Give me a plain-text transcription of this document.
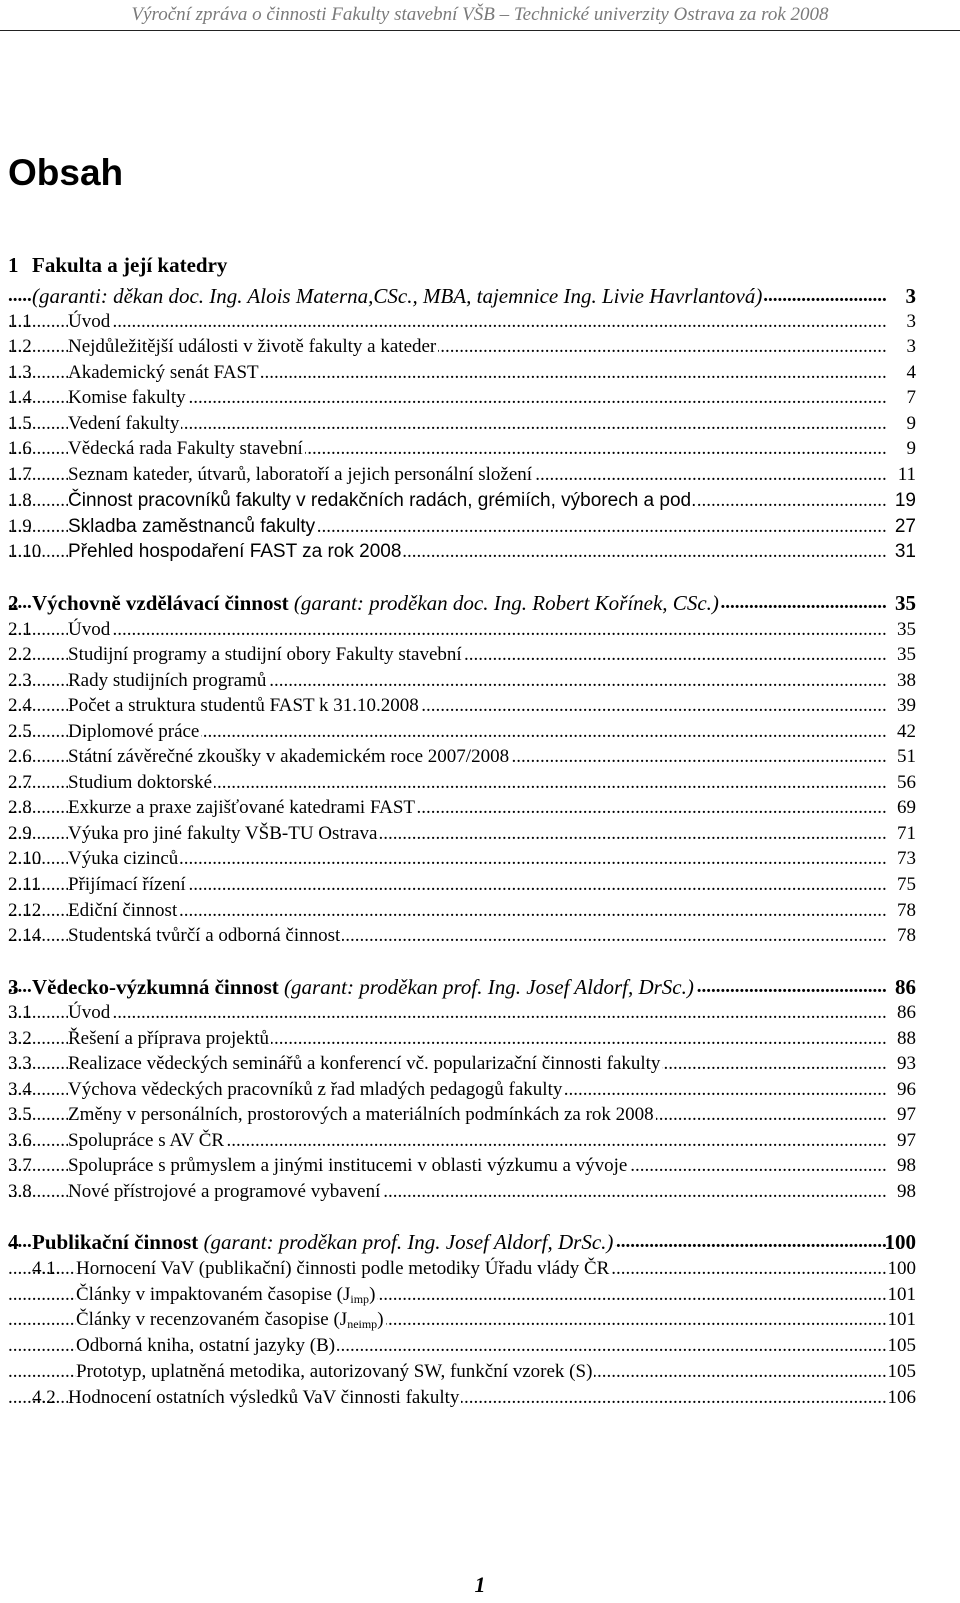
Výroční zpráva o činnosti Fakulty stavební VŠB – Technické univerzity Ostrava za rok 2008
Obsah
1 Fakulta a její katedry
.....
(garanti: děkan doc. Ing. Alois Materna,CSc., MBA, tajemnice Ing. Livie Havrlantová)	3
.....
1.1 Úvod	3
.....
1.2 Nejdůležitější události v životě fakulty a kateder	3
.....
1.3 Akademický senát FAST	4
.....
1.4 Komise fakulty	7
.....
1.5 Vedení fakulty	9
.....
1.6 Vědecká rada Fakulty stavební	9
.....
1.7 Seznam kateder, útvarů, laboratoří a jejich personální složení	11
.....
1.8 Činnost pracovníků fakulty v redakčních radách, grémiích, výborech a pod.	19
.....
1.9 Skladba zaměstnanců fakulty	27
.....
1.10 Přehled hospodaření FAST za rok 2008	31
.....
2 Výchovně vzdělávací činnost (garant: proděkan doc. Ing. Robert Kořínek, CSc.)	35
.....
2.1 Úvod	35
.....
2.2 Studijní programy a studijní obory Fakulty stavební	35
.....
2.3 Rady studijních programů	38
.....
2.4 Počet a struktura studentů FAST k 31.10.2008	39
.....
2.5 Diplomové práce	42
.....
2.6 Státní závěrečné zkoušky v akademickém roce 2007/2008	51
.....
2.7 Studium doktorské	56
.....
2.8 Exkurze a praxe zajišťované katedrami FAST	69
.....
2.9 Výuka pro jiné fakulty VŠB-TU Ostrava	71
.....
2.10 Výuka cizinců	73
.....
2.11 Přijímací řízení	75
.....
2.12 Ediční činnost	78
.....
2.14 Studentská tvůrčí a odborná činnost	78
.....
3 Vědecko-výzkumná činnost (garant: proděkan prof. Ing. Josef Aldorf, DrSc.)	86
.....
3.1 Úvod	86
.....
3.2 Řešení a příprava projektů	88
.....
3.3 Realizace vědeckých seminářů a konferencí vč. popularizační činnosti fakulty	93
.....
3.4 Výchova vědeckých pracovníků z řad mladých pedagogů fakulty	96
.....
3.5 Změny v personálních, prostorových a materiálních podmínkách za rok 2008	97
.....
3.6 Spolupráce s AV ČR	97
.....
3.7 Spolupráce s průmyslem a jinými institucemi v oblasti výzkumu a vývoje	98
.....
3.8 Nové přístrojové a programové vybavení	98
.....
4 Publikační činnost (garant: proděkan prof. Ing. Josef Aldorf, DrSc.)	100
.....
4.1. Hornocení VaV (publikační) činnosti podle metodiky Úřadu vlády ČR	100
.....
Články v impaktovaném časopise $(J_{imp})$	101
.....
Články v recenzovaném časopise $(J_{neimp})$	101
.....
Odborná kniha, ostatní jazyky (B)	105
.....
Prototyp, uplatněná metodika, autorizovaný SW, funkční vzorek (S)	105
.....
4.2 Hodnocení ostatních výsledků VaV činnosti fakulty	106
1
